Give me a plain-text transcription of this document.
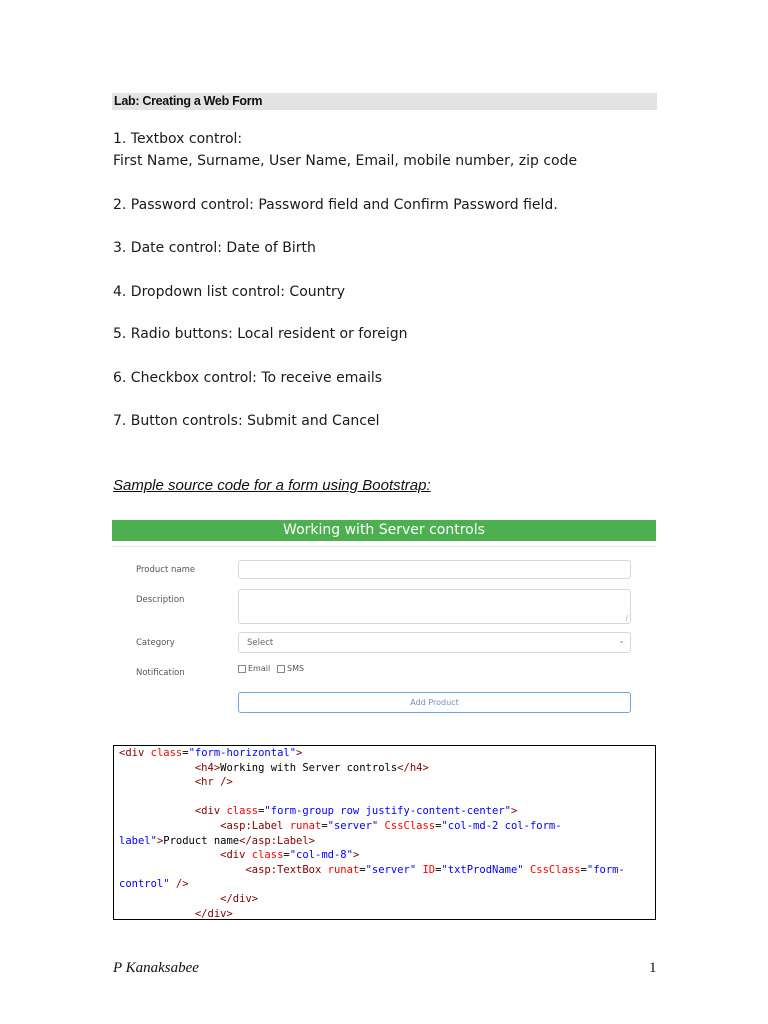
Lab: Creating a Web Form
1. Textbox control:
First Name, Surname, User Name, Email, mobile number, zip code
2. Password control: Password field and Confirm Password field.
3. Date control: Date of Birth
4. Dropdown list control: Country
5. Radio buttons: Local resident or foreign
6. Checkbox control: To receive emails
7. Button controls: Submit and Cancel
Sample source code for a form using Bootstrap:
Working with Server controls
Product name
Description
∕
Category	Select	⌄
Notification	Email SMS
Add Product
<div class="form-horizontal">
<h4>Working with Server controls</h4>
<hr />

<div class="form-group row justify-content-center">
<asp:Label runat="server" CssClass="col-md-2 col-form-
label">Product name</asp:Label>
<div class="col-md-8">
<asp:TextBox runat="server" ID="txtProdName" CssClass="form-
control" />
</div>
</div>
P Kanaksabee	1
